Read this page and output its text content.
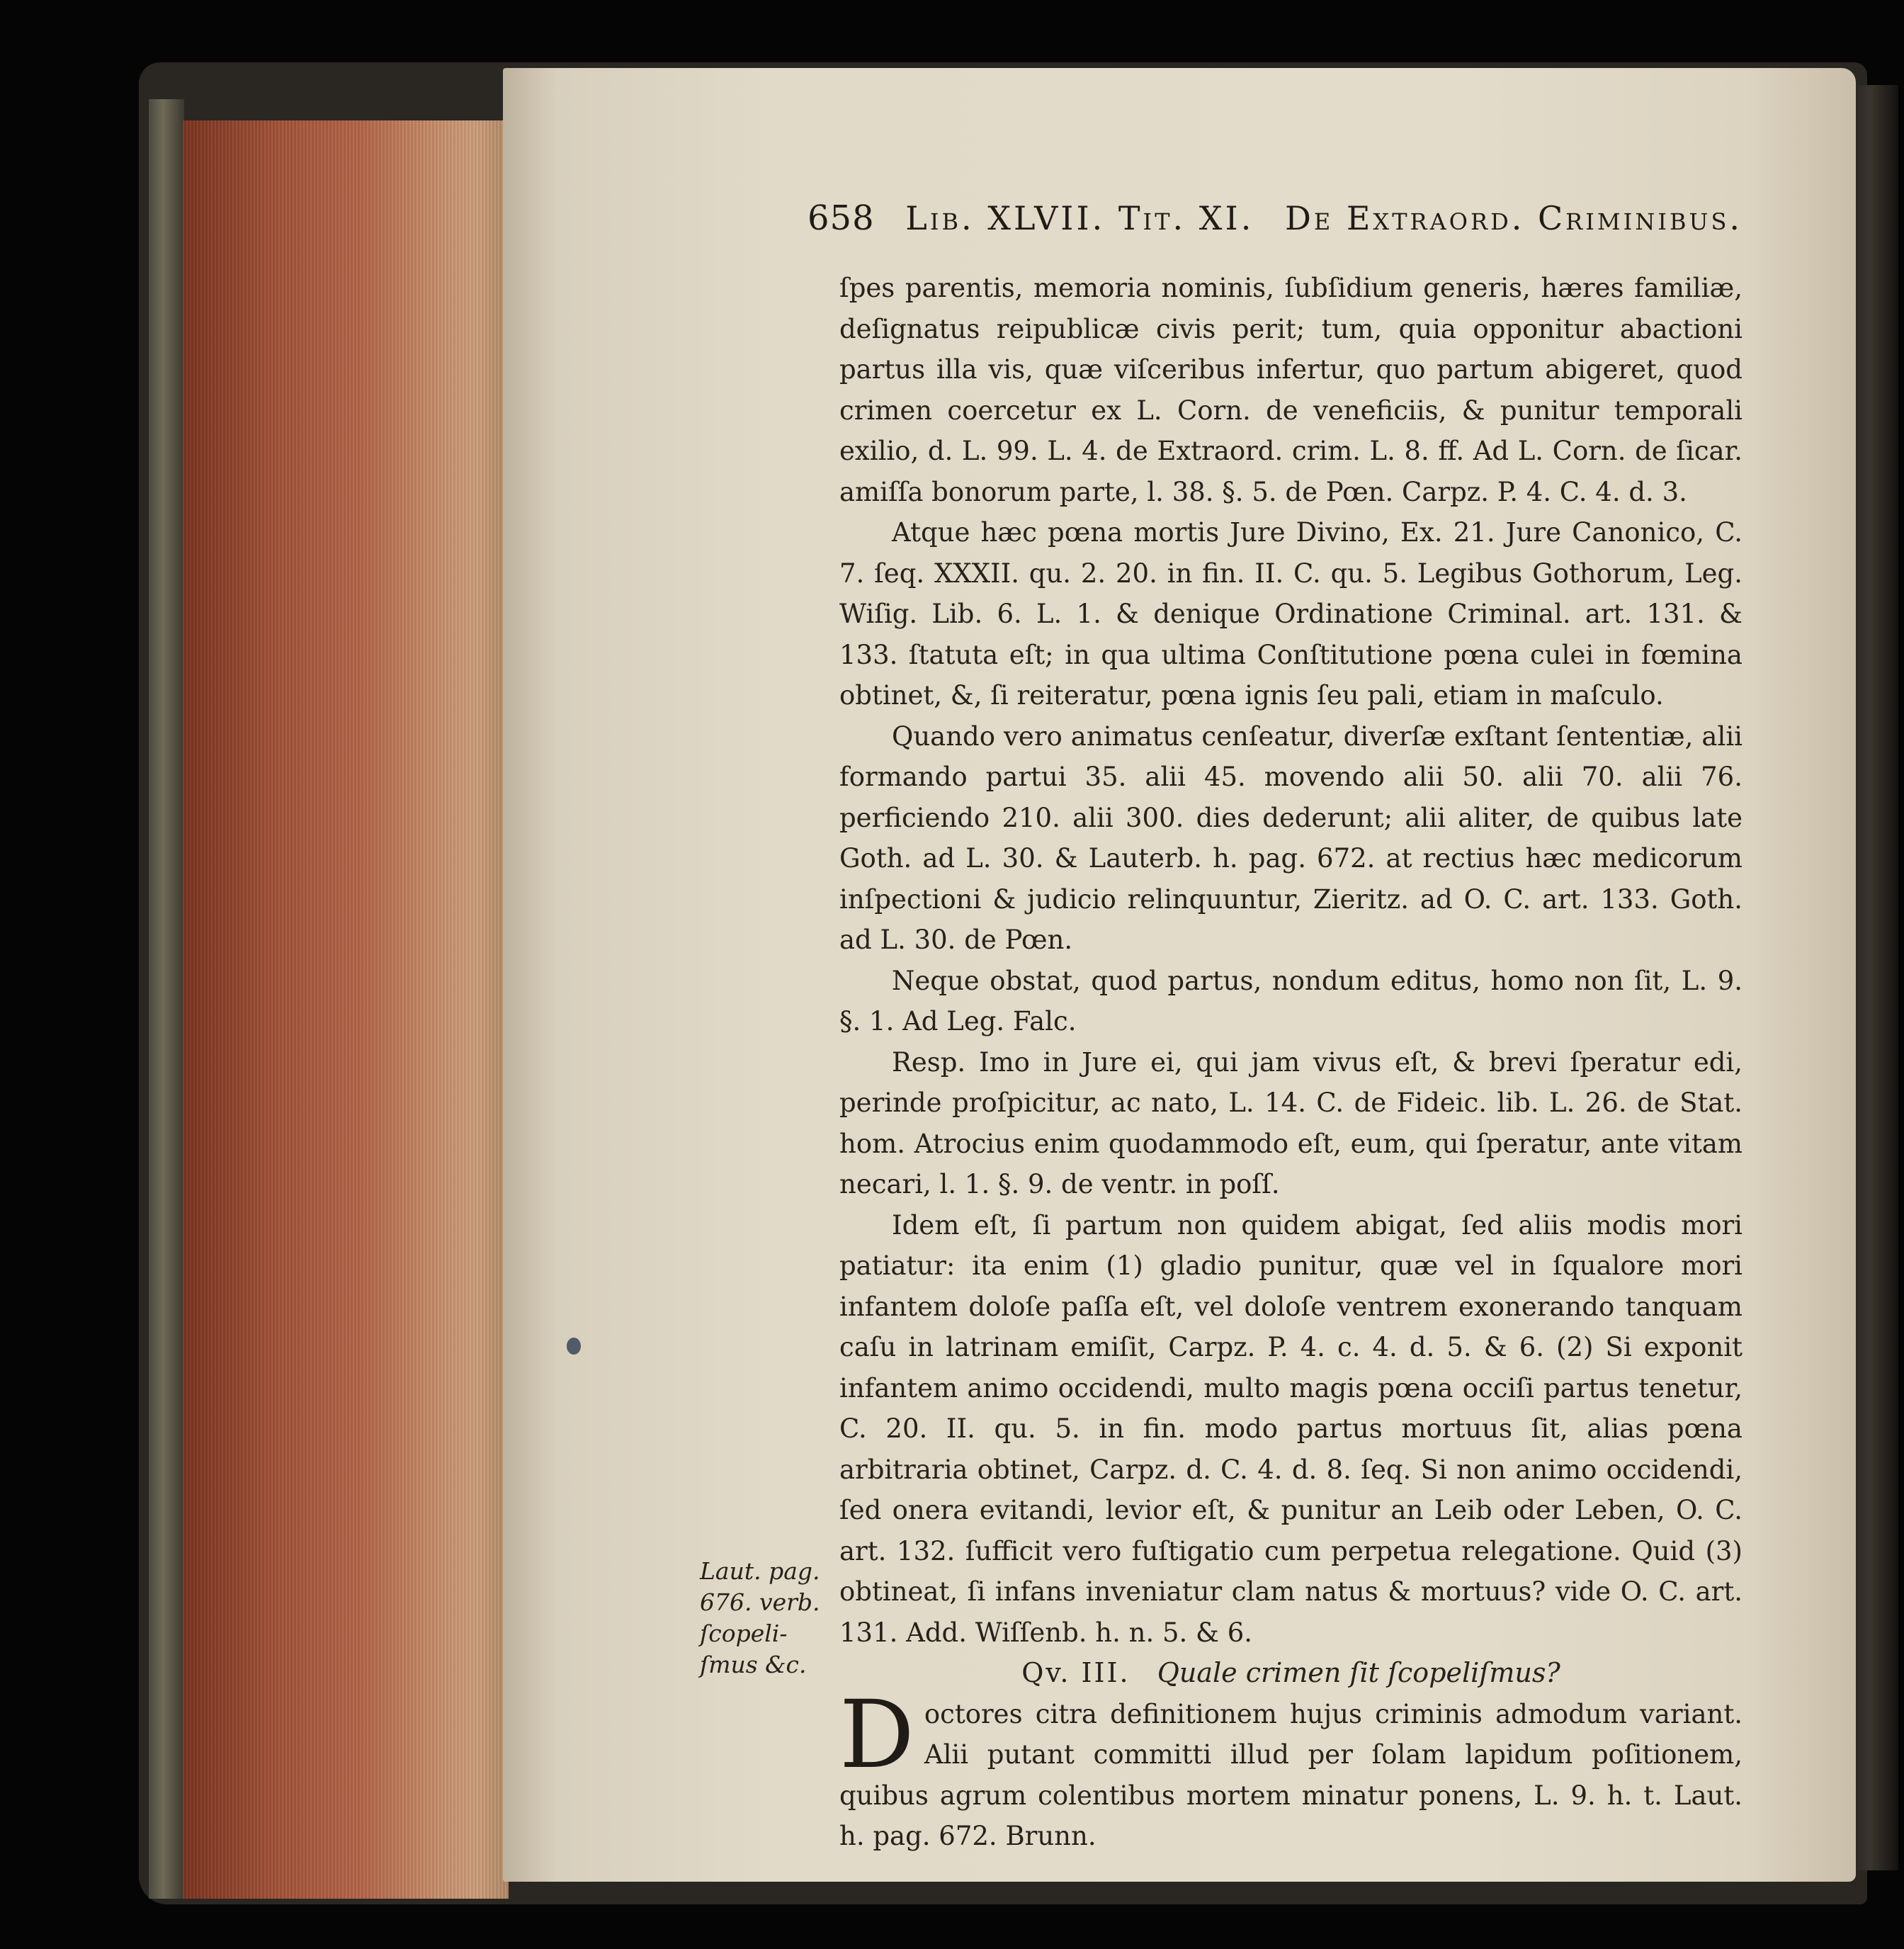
658 Lib. XLVII. Tit. XI. De Extraord. Criminibus.

ſpes parentis, memoria nominis, ſubſidium generis, hæres familiæ, deſignatus reipublicæ civis perit; tum, quia opponitur abactioni partus illa vis, quæ viſceribus infertur, quo partum abigeret, quod crimen coercetur ex L. Corn. de veneficiis, & punitur temporali exilio, d. L. 99. L. 4. de Extraord. crim. L. 8. ff. Ad L. Corn. de ſicar. amiſſa bonorum parte, l. 38. §. 5. de Pœn. Carpz. P. 4. C. 4. d. 3.

Atque hæc pœna mortis Jure Divino, Ex. 21. Jure Canonico, C. 7. ſeq. XXXII. qu. 2. 20. in fin. II. C. qu. 5. Legibus Gothorum, Leg. Wiſig. Lib. 6. L. 1. & denique Ordinatione Criminal. art. 131. & 133. ſtatuta eſt; in qua ultima Conſtitutione pœna culei in fœmina obtinet, &, ſi reiteratur, pœna ignis ſeu pali, etiam in maſculo.

Quando vero animatus cenſeatur, diverſæ exſtant ſententiæ, alii formando partui 35. alii 45. movendo alii 50. alii 70. alii 76. perficiendo 210. alii 300. dies dederunt; alii aliter, de quibus late Goth. ad L. 30. & Lauterb. h. pag. 672. at rectius hæc medicorum inſpectioni & judicio relinquuntur, Zieritz. ad O. C. art. 133. Goth. ad L. 30. de Pœn.

Neque obstat, quod partus, nondum editus, homo non ſit, L. 9. §. 1. Ad Leg. Falc.

Resp. Imo in Jure ei, qui jam vivus eſt, & brevi ſperatur edi, perinde proſpicitur, ac nato, L. 14. C. de Fideic. lib. L. 26. de Stat. hom. Atrocius enim quodammodo eſt, eum, qui ſperatur, ante vitam necari, l. 1. §. 9. de ventr. in poſſ.

Idem eſt, ſi partum non quidem abigat, ſed aliis modis mori patiatur: ita enim (1) gladio punitur, quæ vel in ſqualore mori infantem doloſe paſſa eſt, vel doloſe ventrem exonerando tanquam caſu in latrinam emiſit, Carpz. P. 4. c. 4. d. 5. & 6. (2) Si exponit infantem animo occidendi, multo magis pœna occiſi partus tenetur, C. 20. II. qu. 5. in fin. modo partus mortuus ſit, alias pœna arbitraria obtinet, Carpz. d. C. 4. d. 8. ſeq. Si non animo occidendi, ſed onera evitandi, levior eſt, & punitur an Leib oder Leben, O. C. art. 132. ſufficit vero fuſtigatio cum perpetua relegatione. Quid (3) obtineat, ſi infans inveniatur clam natus & mortuus? vide O. C. art. 131. Add. Wiſſenb. h. n. 5. & 6.

Qv. III. Quale crimen ſit ſcopeliſmus?

D octores citra definitionem hujus criminis admodum variant. Alii putant committi illud per ſolam lapidum poſitionem, quibus agrum colentibus mortem minatur ponens, L. 9. h. t. Laut. h. pag. 672. Brunn.

Laut. pag.
676. verb.
ſcopeli-
ſmus &c.
